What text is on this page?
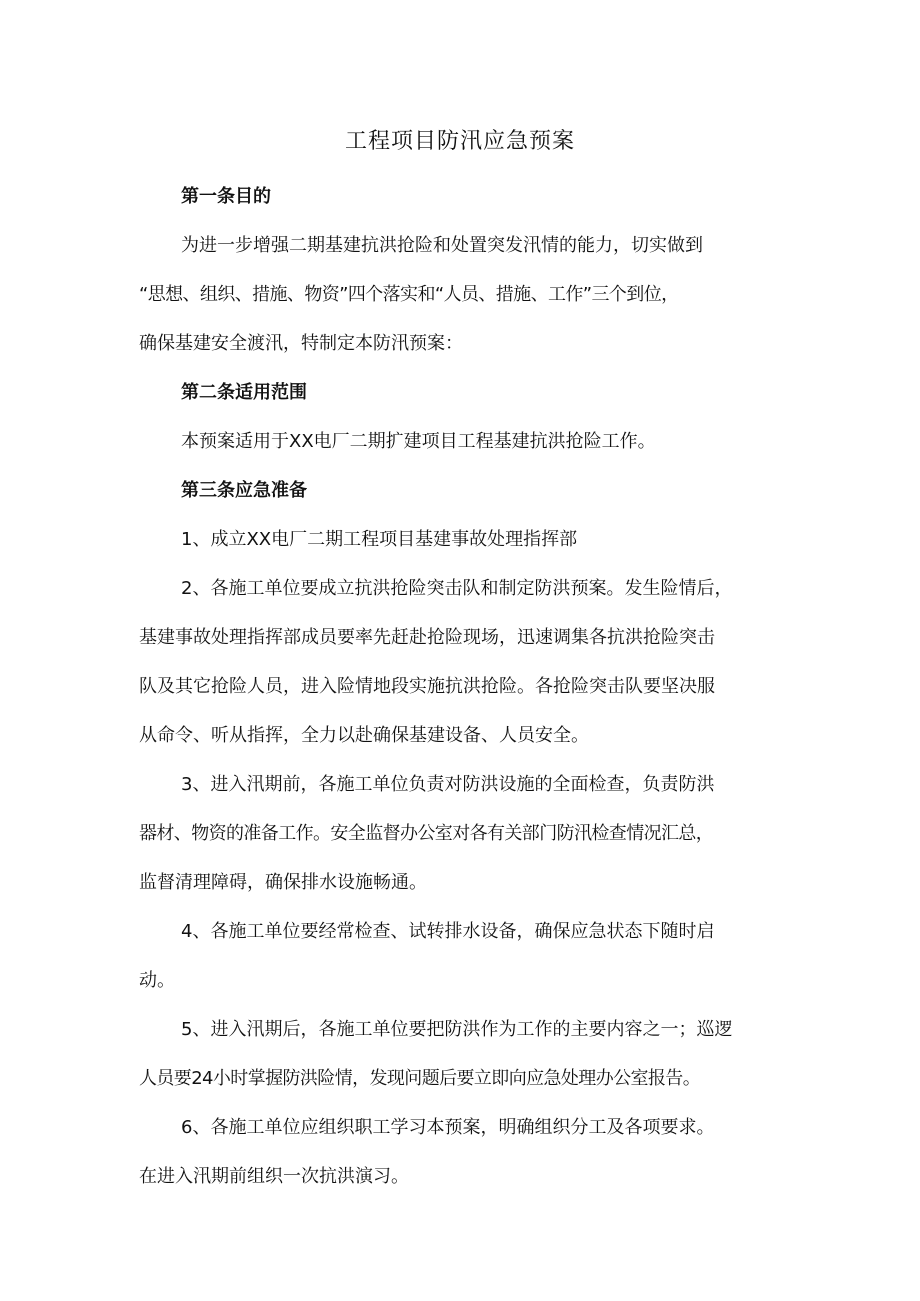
工程项目防汛应急预案

第一条目的

为进一步增强二期基建抗洪抢险和处置突发汛情的能力，切实做到
“思想、组织、措施、物资”四个落实和“人员、措施、工作”三个到位，
确保基建安全渡汛，特制定本防汛预案：

第二条适用范围

本预案适用于XX电厂二期扩建项目工程基建抗洪抢险工作。

第三条应急准备

1、成立XX电厂二期工程项目基建事故处理指挥部

2、各施工单位要成立抗洪抢险突击队和制定防洪预案。发生险情后，
基建事故处理指挥部成员要率先赶赴抢险现场，迅速调集各抗洪抢险突击
队及其它抢险人员，进入险情地段实施抗洪抢险。各抢险突击队要坚决服
从命令、听从指挥，全力以赴确保基建设备、人员安全。

3、进入汛期前，各施工单位负责对防洪设施的全面检查，负责防洪
器材、物资的准备工作。安全监督办公室对各有关部门防汛检查情况汇总，
监督清理障碍，确保排水设施畅通。

4、各施工单位要经常检查、试转排水设备，确保应急状态下随时启
动。

5、进入汛期后，各施工单位要把防洪作为工作的主要内容之一；巡逻
人员要24小时掌握防洪险情，发现问题后要立即向应急处理办公室报告。

6、各施工单位应组织职工学习本预案，明确组织分工及各项要求。
在进入汛期前组织一次抗洪演习。
